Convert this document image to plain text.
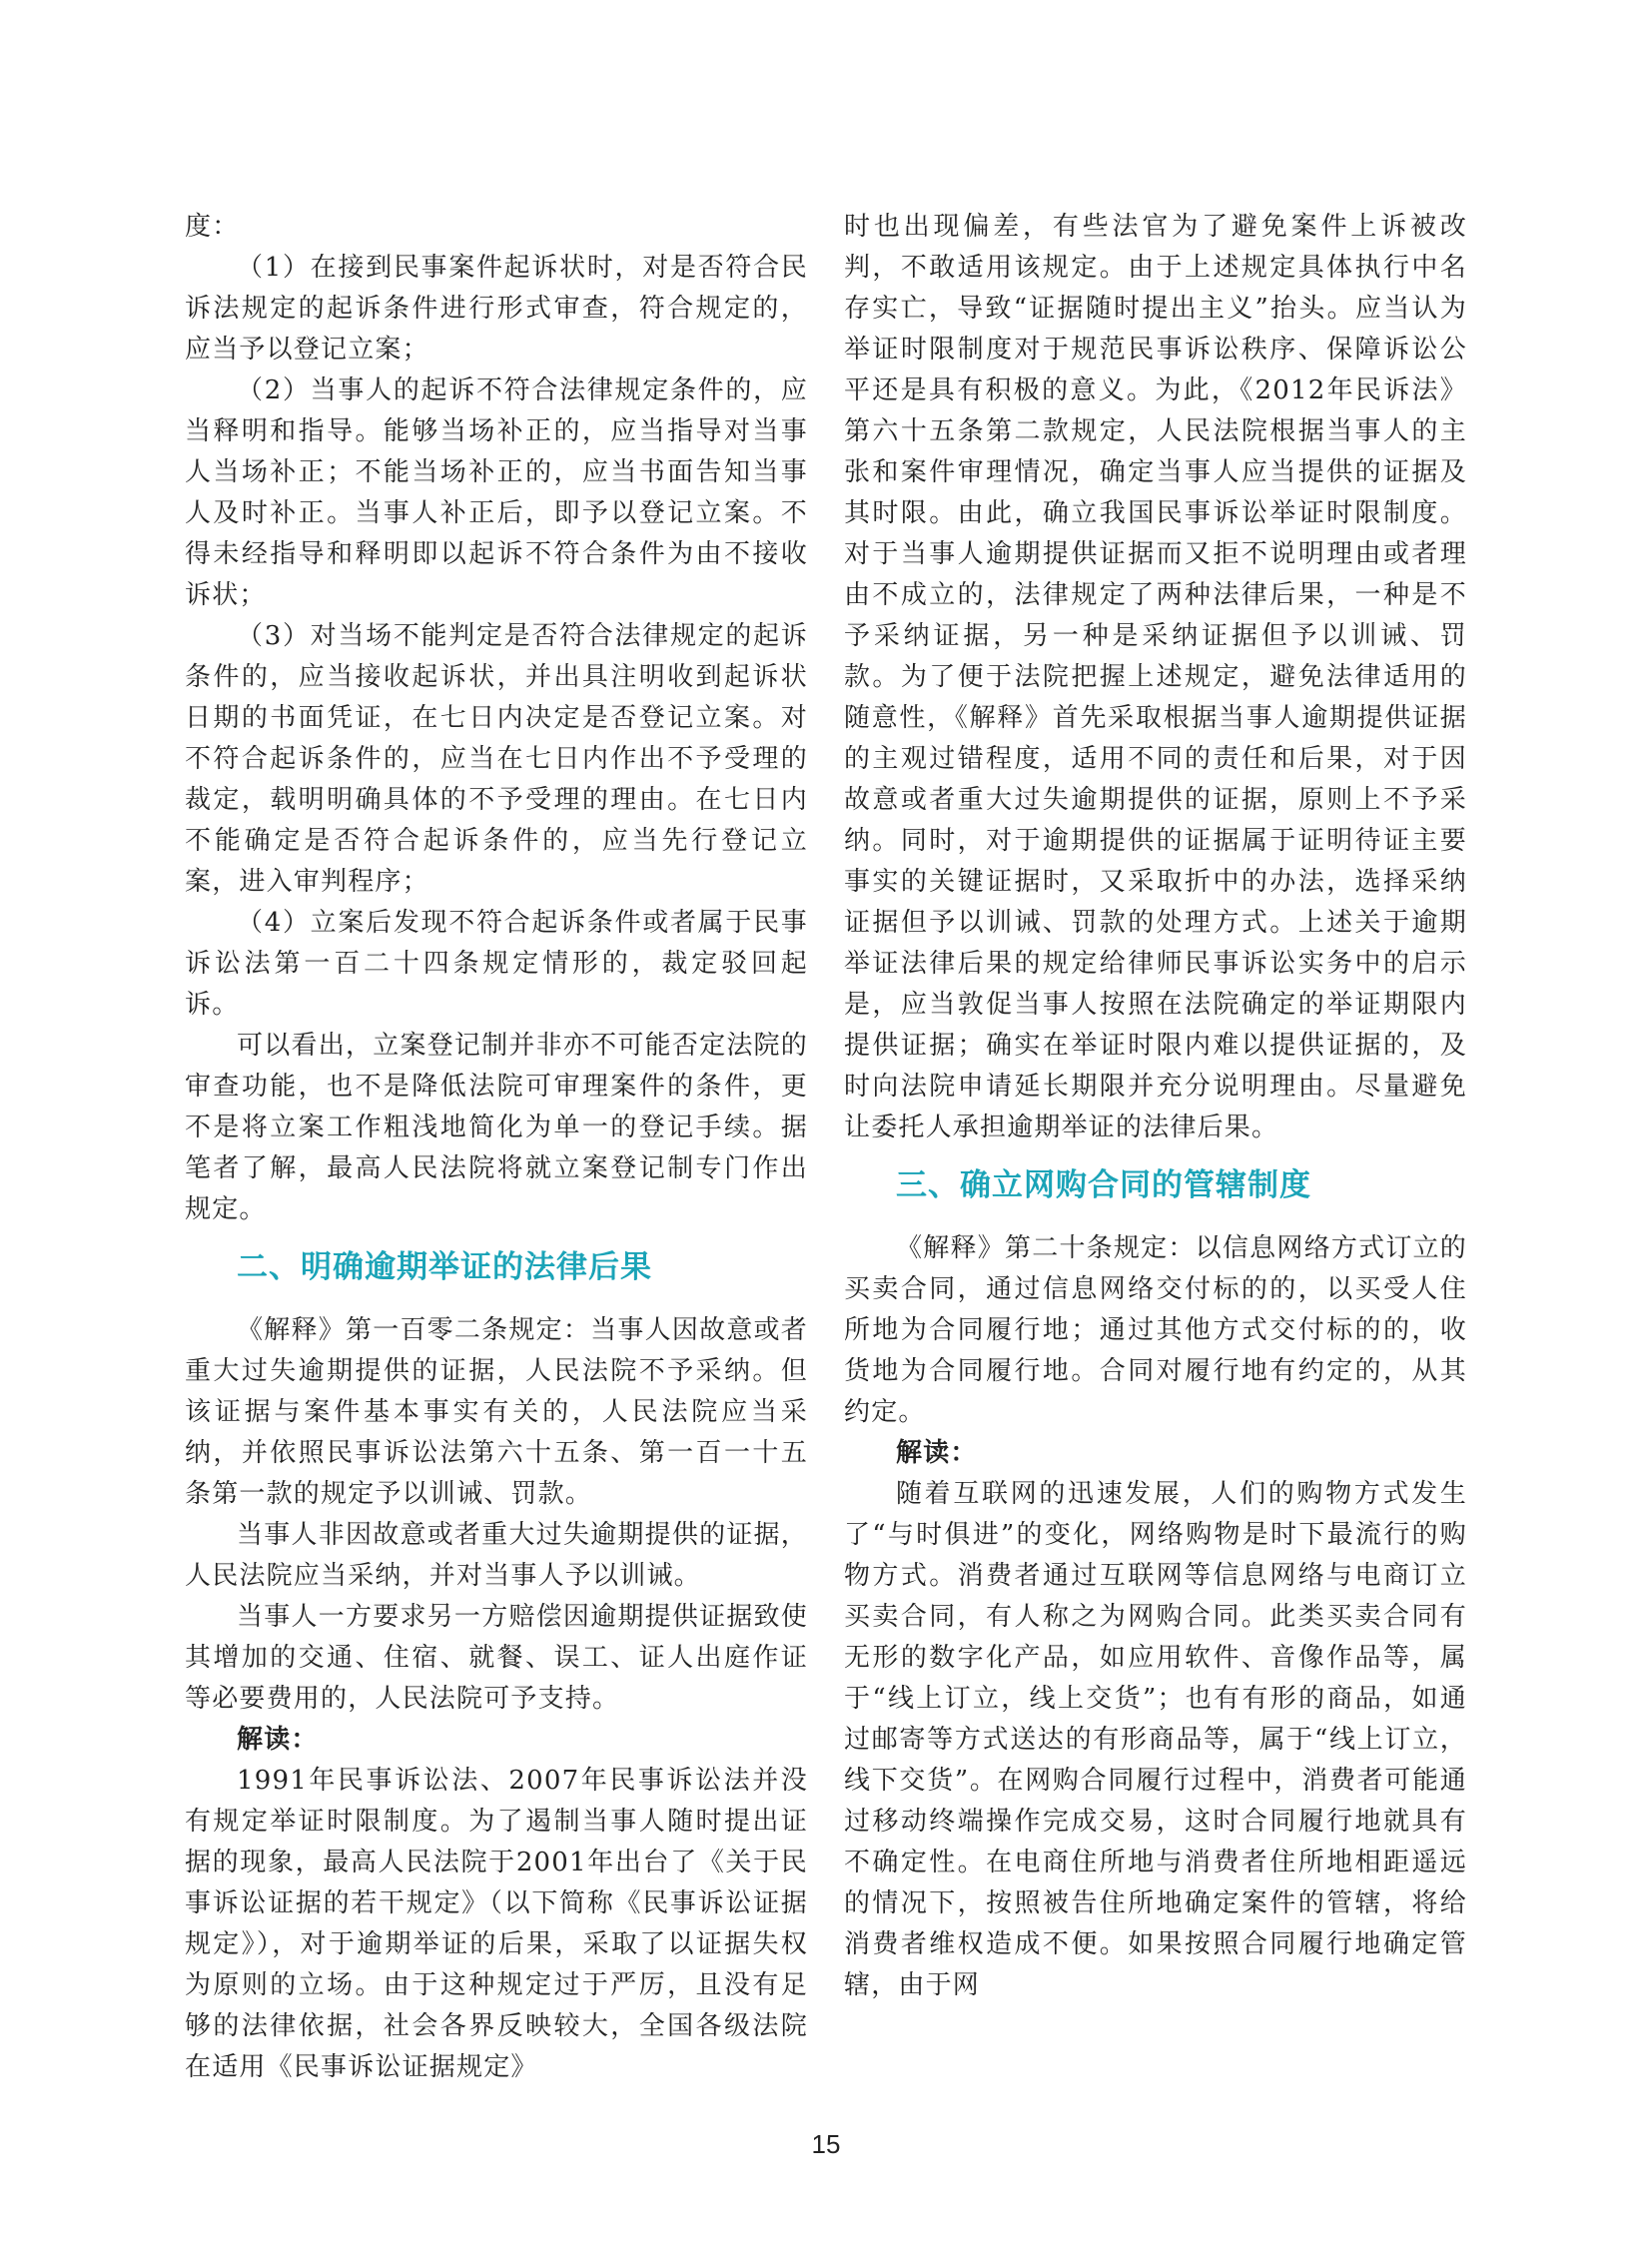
度：

（1）在接到民事案件起诉状时，对是否符合民诉法规定的起诉条件进行形式审查，符合规定的，应当予以登记立案；

（2）当事人的起诉不符合法律规定条件的，应当释明和指导。能够当场补正的，应当指导对当事人当场补正；不能当场补正的，应当书面告知当事人及时补正。当事人补正后，即予以登记立案。不得未经指导和释明即以起诉不符合条件为由不接收诉状；

（3）对当场不能判定是否符合法律规定的起诉条件的，应当接收起诉状，并出具注明收到起诉状日期的书面凭证，在七日内决定是否登记立案。对不符合起诉条件的，应当在七日内作出不予受理的裁定，载明明确具体的不予受理的理由。在七日内不能确定是否符合起诉条件的，应当先行登记立案，进入审判程序；

（4）立案后发现不符合起诉条件或者属于民事诉讼法第一百二十四条规定情形的，裁定驳回起诉。

可以看出，立案登记制并非亦不可能否定法院的审查功能，也不是降低法院可审理案件的条件，更不是将立案工作粗浅地简化为单一的登记手续。据笔者了解，最高人民法院将就立案登记制专门作出规定。

二、明确逾期举证的法律后果

《解释》第一百零二条规定：当事人因故意或者重大过失逾期提供的证据，人民法院不予采纳。但该证据与案件基本事实有关的，人民法院应当采纳，并依照民事诉讼法第六十五条、第一百一十五条第一款的规定予以训诫、罚款。

当事人非因故意或者重大过失逾期提供的证据，人民法院应当采纳，并对当事人予以训诫。

当事人一方要求另一方赔偿因逾期提供证据致使其增加的交通、住宿、就餐、误工、证人出庭作证等必要费用的，人民法院可予支持。

解读：

1991年民事诉讼法、2007年民事诉讼法并没有规定举证时限制度。为了遏制当事人随时提出证据的现象，最高人民法院于2001年出台了《关于民事诉讼证据的若干规定》（以下简称《民事诉讼证据规定》），对于逾期举证的后果，采取了以证据失权为原则的立场。由于这种规定过于严厉，且没有足够的法律依据，社会各界反映较大，全国各级法院在适用《民事诉讼证据规定》

时也出现偏差，有些法官为了避免案件上诉被改判，不敢适用该规定。由于上述规定具体执行中名存实亡，导致“证据随时提出主义”抬头。应当认为举证时限制度对于规范民事诉讼秩序、保障诉讼公平还是具有积极的意义。为此，《2012年民诉法》第六十五条第二款规定，人民法院根据当事人的主张和案件审理情况，确定当事人应当提供的证据及其时限。由此，确立我国民事诉讼举证时限制度。对于当事人逾期提供证据而又拒不说明理由或者理由不成立的，法律规定了两种法律后果，一种是不予采纳证据，另一种是采纳证据但予以训诫、罚款。为了便于法院把握上述规定，避免法律适用的随意性，《解释》首先采取根据当事人逾期提供证据的主观过错程度，适用不同的责任和后果，对于因故意或者重大过失逾期提供的证据，原则上不予采纳。同时，对于逾期提供的证据属于证明待证主要事实的关键证据时，又采取折中的办法，选择采纳证据但予以训诫、罚款的处理方式。上述关于逾期举证法律后果的规定给律师民事诉讼实务中的启示是，应当敦促当事人按照在法院确定的举证期限内提供证据；确实在举证时限内难以提供证据的，及时向法院申请延长期限并充分说明理由。尽量避免让委托人承担逾期举证的法律后果。

三、确立网购合同的管辖制度

《解释》第二十条规定：以信息网络方式订立的买卖合同，通过信息网络交付标的的，以买受人住所地为合同履行地；通过其他方式交付标的的，收货地为合同履行地。合同对履行地有约定的，从其约定。

解读：

随着互联网的迅速发展，人们的购物方式发生了“与时俱进”的变化，网络购物是时下最流行的购物方式。消费者通过互联网等信息网络与电商订立买卖合同，有人称之为网购合同。此类买卖合同有无形的数字化产品，如应用软件、音像作品等，属于“线上订立，线上交货”；也有有形的商品，如通过邮寄等方式送达的有形商品等，属于“线上订立，线下交货”。在网购合同履行过程中，消费者可能通过移动终端操作完成交易，这时合同履行地就具有不确定性。在电商住所地与消费者住所地相距遥远的情况下，按照被告住所地确定案件的管辖，将给消费者维权造成不便。如果按照合同履行地确定管辖，由于网

15
